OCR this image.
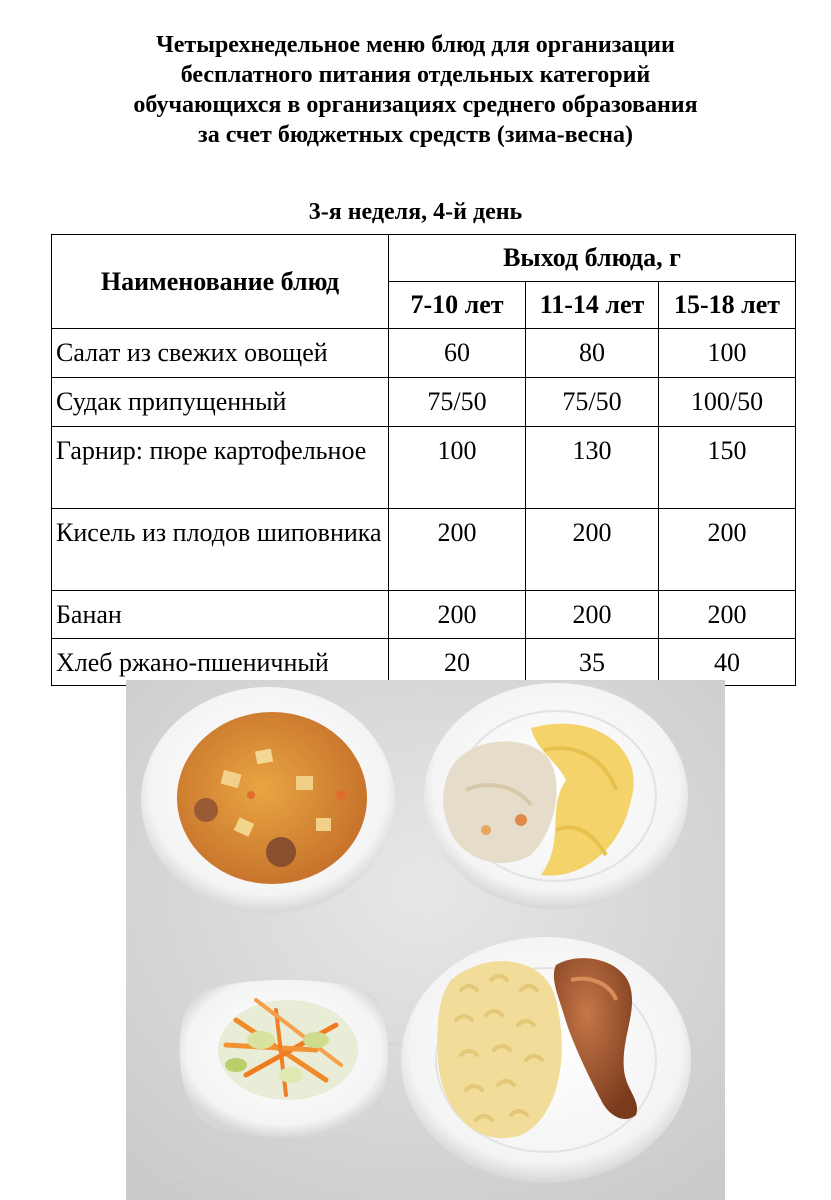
Четырехнедельное меню блюд для организации
бесплатного питания отдельных категорий
обучающихся в организациях среднего образования
за счет бюджетных средств (зима-весна)
3-я неделя, 4-й день
Наименование блюд	Выход блюда, г		
	7-10 лет	11-14 лет	15-18 лет
Салат из свежих овощей	60	80	100
Судак припущенный	75/50	75/50	100/50
Гарнир: пюре картофельное	100	130	150
Кисель из плодов шиповника	200	200	200
Банан	200	200	200
Хлеб ржано-пшеничный	20	35	40
